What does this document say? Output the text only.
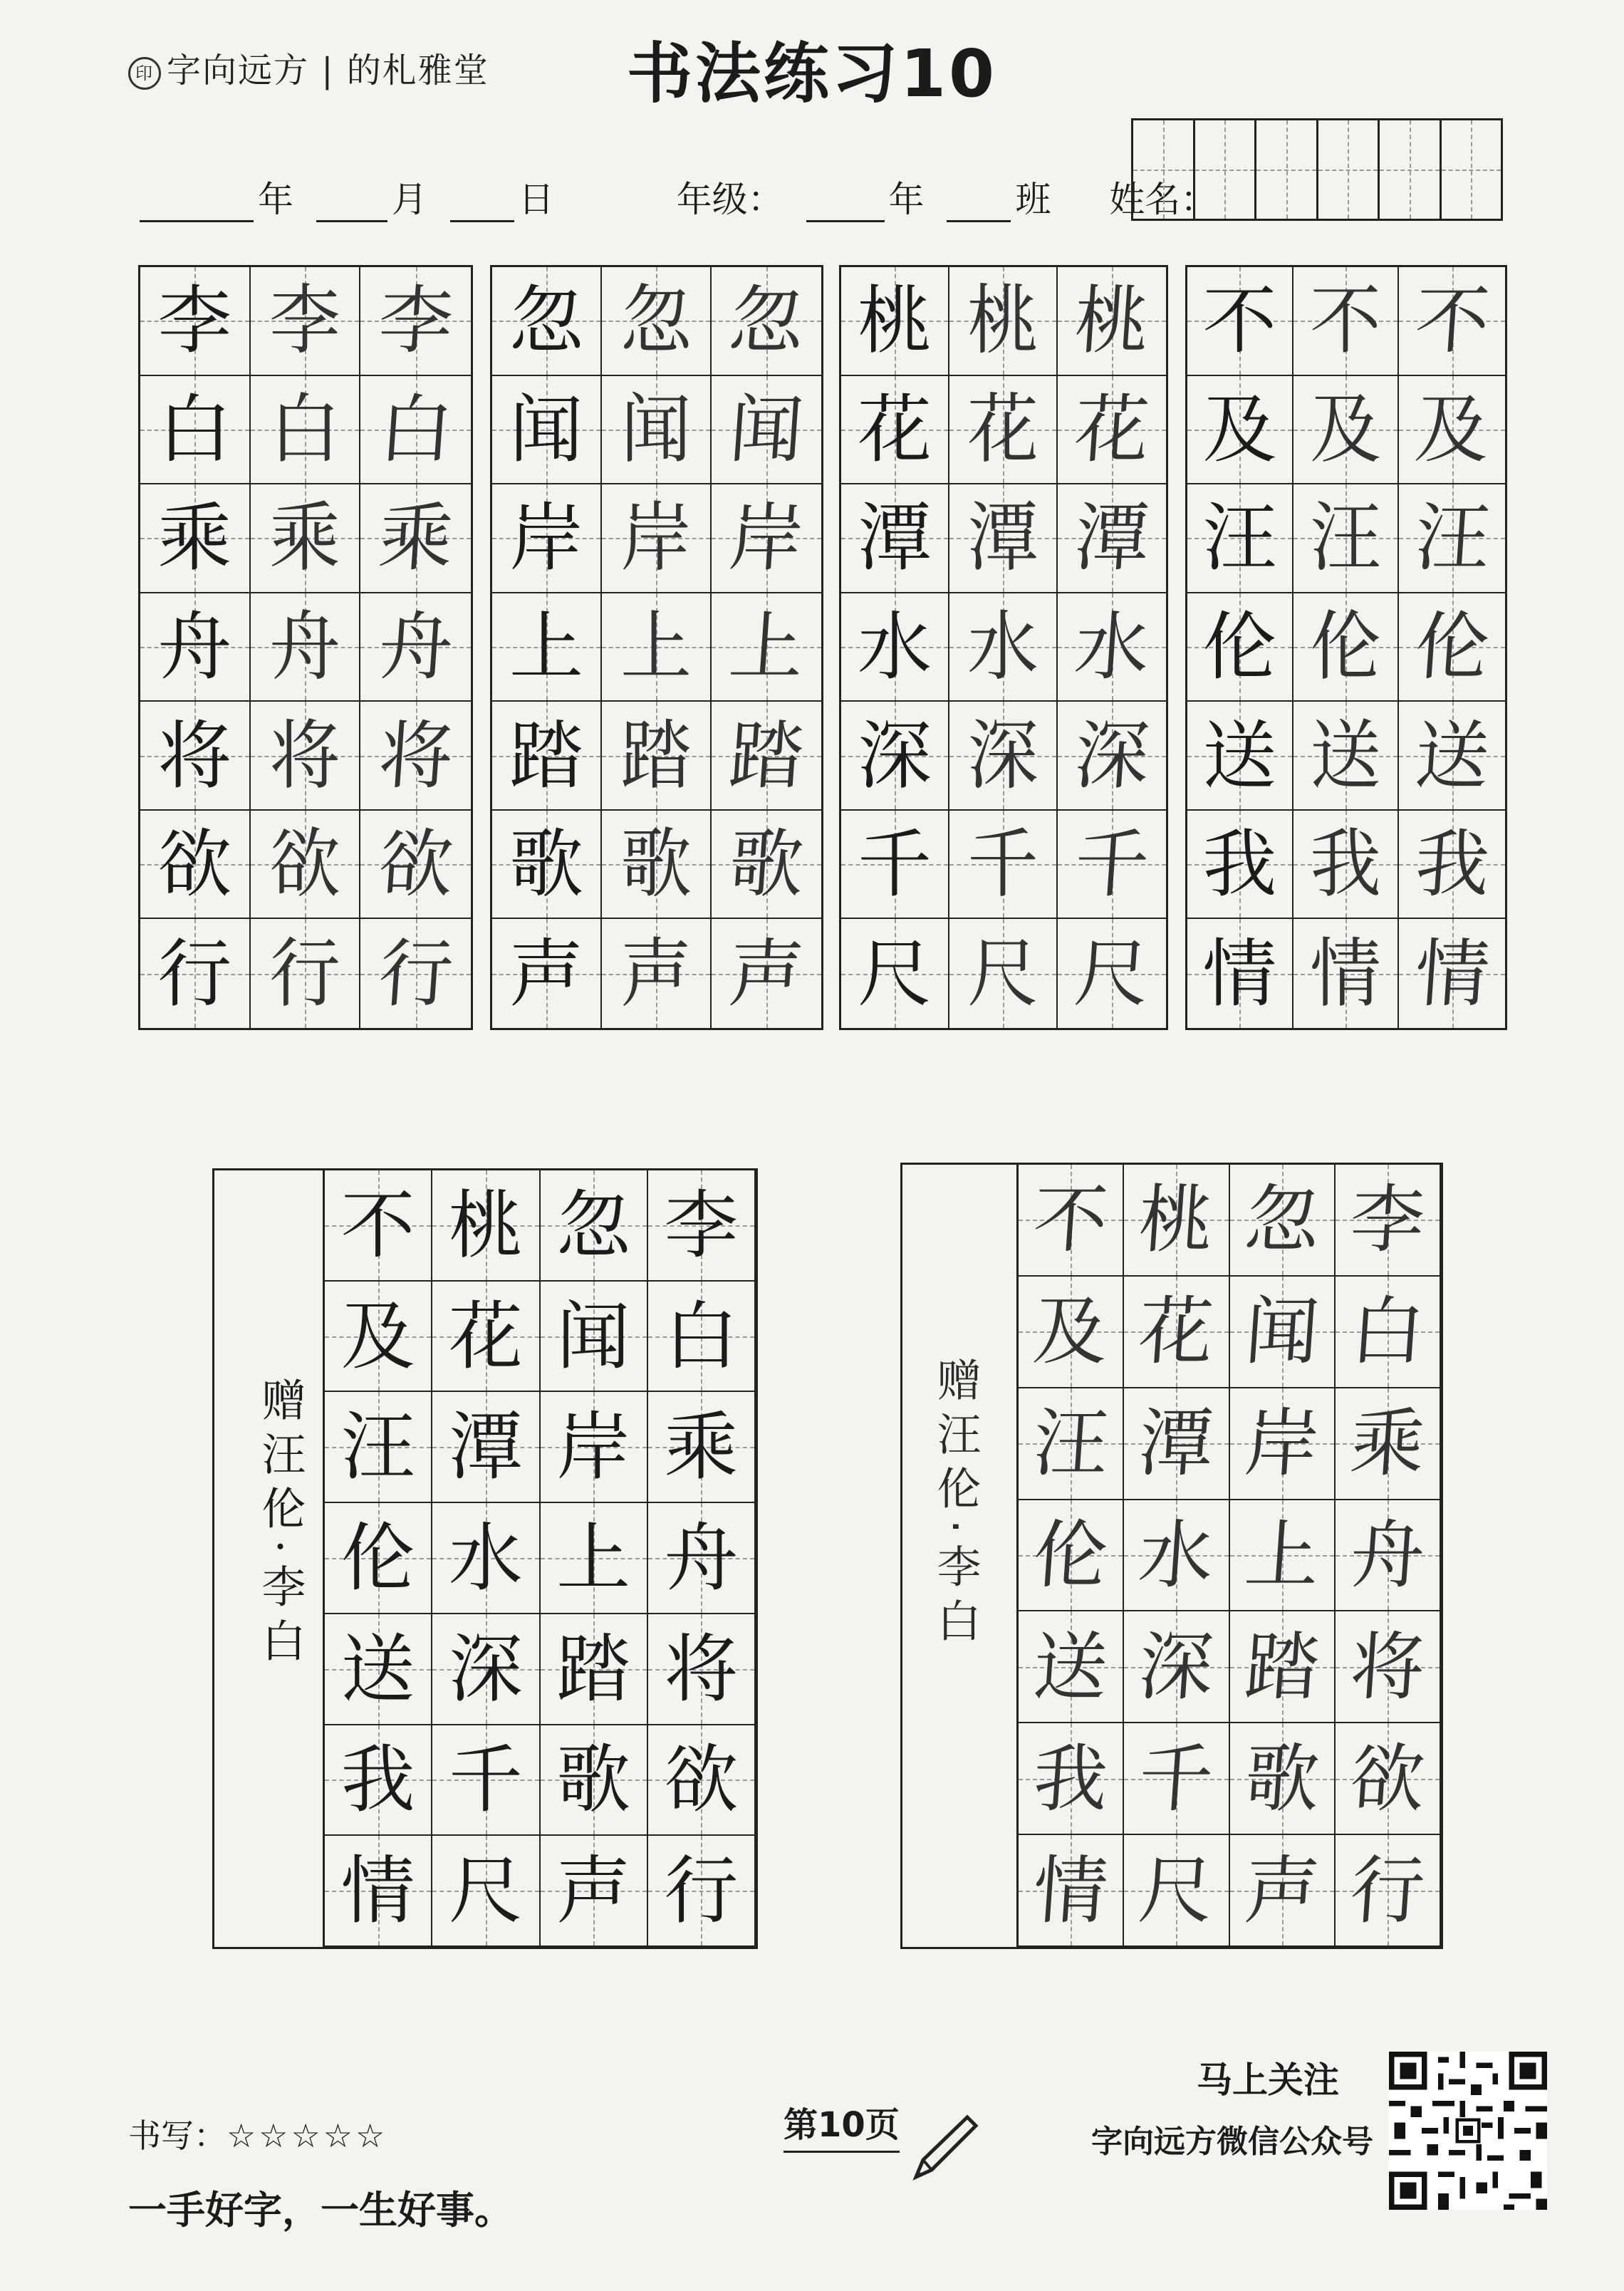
印 字向远方 | 的札雅堂	书法练习10
年	月	日	年级：	年	班 姓名：
李 李 李
白 白 白
乘 乘 乘
舟 舟 舟
将 将 将
欲 欲 欲
行 行 行
忽 忽 忽
闻 闻 闻
岸 岸 岸
上 上 上
踏 踏 踏
歌 歌 歌
声 声 声
桃 桃 桃
花 花 花
潭 潭 潭
水 水 水
深 深 深
千 千 千
尺 尺 尺
不 不 不
及 及 及
汪 汪 汪
伦 伦 伦
送 送 送
我 我 我
情 情 情
赠汪伦·李白
不 桃 忽 李
及 花 闻 白
汪 潭 岸 乘
伦 水 上 舟
送 深 踏 将
我 千 歌 欲
情 尺 声 行
赠汪伦·李白
不 桃 忽 李
及 花 闻 白
汪 潭 岸 乘
伦 水 上 舟
送 深 踏 将
我 千 歌 欲
情 尺 声 行
书写：☆☆☆☆☆
一手好字，一生好事。
第10页
马上关注
字向远方微信公众号
